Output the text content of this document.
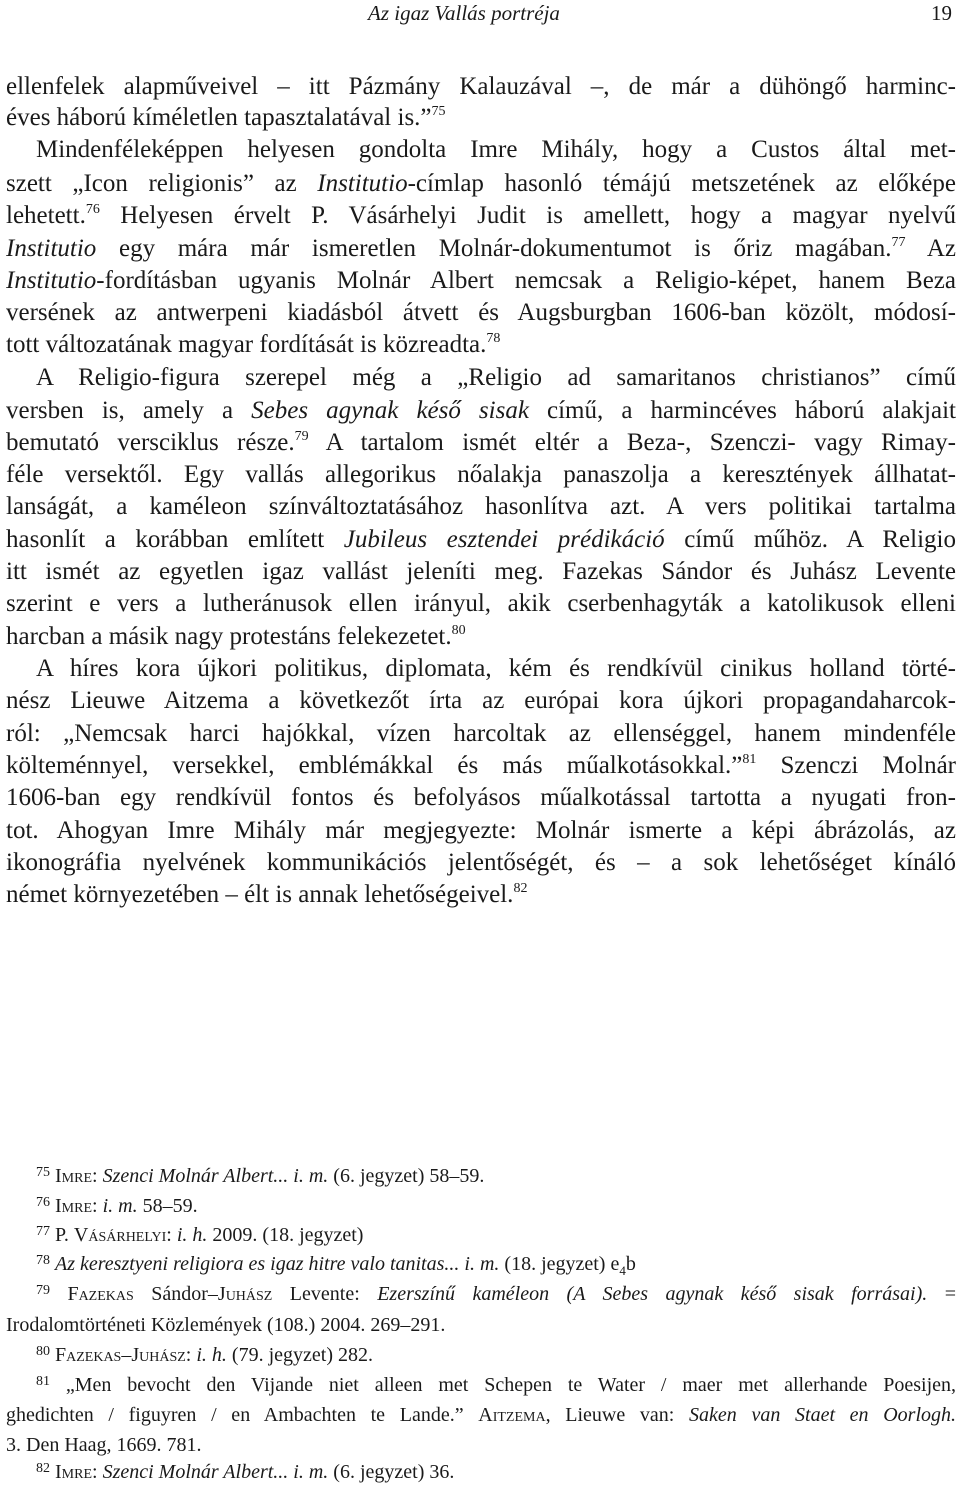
Az igaz Vallás portréja	19
ellenfelek alapműveivel – itt Pázmány Kalauzával –, de már a dühöngő harminc-
éves háború kíméletlen tapasztalatával is.”$^{75}$
Mindenféleképpen helyesen gondolta Imre Mihály, hogy a Custos által met-
szett „Icon religionis” az Institutio-címlap hasonló témájú metszetének az előképe
lehetett.$^{76}$ Helyesen érvelt P. Vásárhelyi Judit is amellett, hogy a magyar nyelvű
Institutio egy mára már ismeretlen Molnár-dokumentumot is őriz magában.$^{77}$ Az
Institutio-fordításban ugyanis Molnár Albert nemcsak a Religio-képet, hanem Beza
versének az antwerpeni kiadásból átvett és Augsburgban 1606-ban közölt, módosí-
tott változatának magyar fordítását is közreadta.$^{78}$
A Religio-figura szerepel még a „Religio ad samaritanos christianos” című
versben is, amely a Sebes agynak késő sisak című, a harmincéves háború alakjait
bemutató versciklus része.$^{79}$ A tartalom ismét eltér a Beza-, Szenczi- vagy Rimay-
féle versektől. Egy vallás allegorikus nőalakja panaszolja a keresztények állhatat-
lanságát, a kaméleon színváltoztatásához hasonlítva azt. A vers politikai tartalma
hasonlít a korábban említett Jubileus esztendei prédikáció című műhöz. A Religio
itt ismét az egyetlen igaz vallást jeleníti meg. Fazekas Sándor és Juhász Levente
szerint e vers a lutheránusok ellen irányul, akik cserbenhagyták a katolikusok elleni
harcban a másik nagy protestáns felekezetet.$^{80}$
A híres kora újkori politikus, diplomata, kém és rendkívül cinikus holland törté-
nész Lieuwe Aitzema a következőt írta az európai kora újkori propagandaharcok-
ról: „Nemcsak harci hajókkal, vízen harcoltak az ellenséggel, hanem mindenféle
költeménnyel, versekkel, emblémákkal és más műalkotásokkal.”$^{81}$ Szenczi Molnár
1606-ban egy rendkívül fontos és befolyásos műalkotással tartotta a nyugati fron-
tot. Ahogyan Imre Mihály már megjegyezte: Molnár ismerte a képi ábrázolás, az
ikonográfia nyelvének kommunikációs jelentőségét, és – a sok lehetőséget kínáló
német környezetében – élt is annak lehetőségeivel.$^{82}$
$^{75}$ Imre: Szenci Molnár Albert... i. m. (6. jegyzet) 58–59.
$^{76}$ Imre: i. m. 58–59.
$^{77}$ P. Vásárhelyi: i. h. 2009. (18. jegyzet)
$^{78}$ Az keresztyeni religiora es igaz hitre valo tanitas... i. m. (18. jegyzet) $e_4b$
$^{79}$ Fazekas Sándor–Juhász Levente: Ezerszínű kaméleon (A Sebes agynak késő sisak forrásai). =
Irodalomtörténeti Közlemények (108.) 2004. 269–291.
$^{80}$ Fazekas–Juhász: i. h. (79. jegyzet) 282.
$^{81}$ „Men bevocht den Vijande niet alleen met Schepen te Water / maer met allerhande Poesijen,
ghedichten / figuyren / en Ambachten te Lande.” Aitzema, Lieuwe van: Saken van Staet en Oorlogh.
3. Den Haag, 1669. 781.
$^{82}$ Imre: Szenci Molnár Albert... i. m. (6. jegyzet) 36.
